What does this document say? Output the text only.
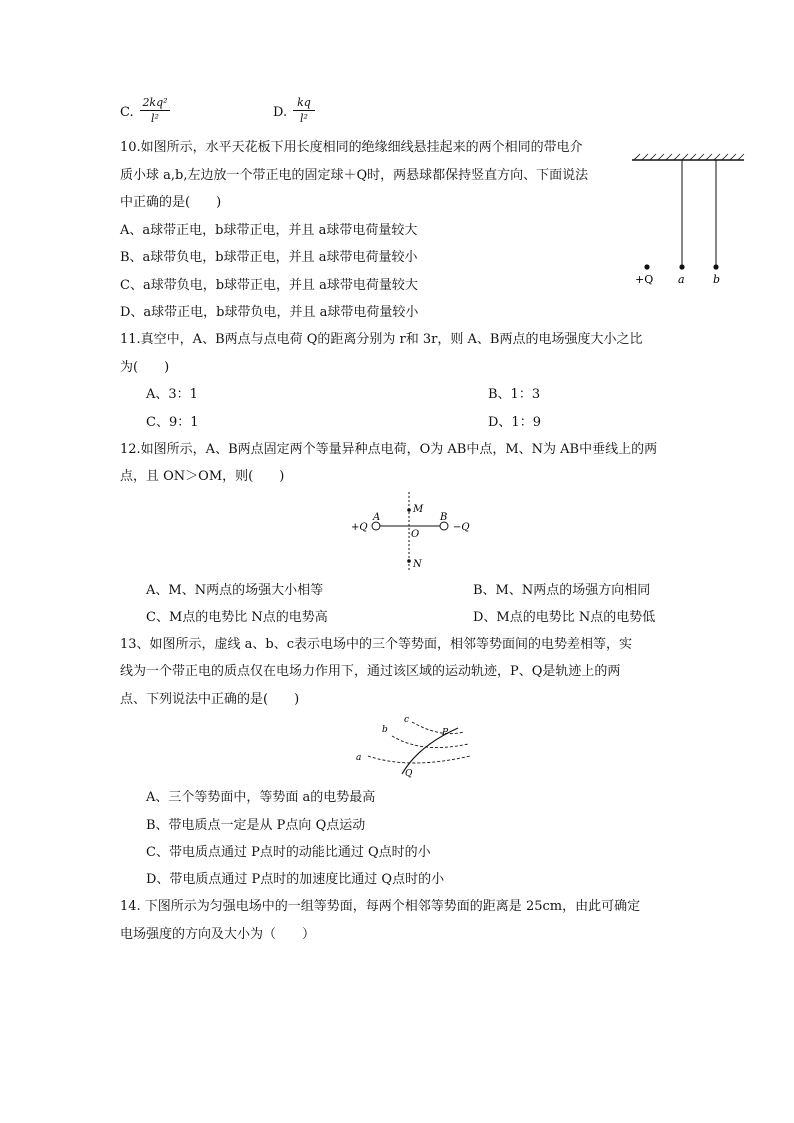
C.
2kq²
l²	D.
kq
l²
10.如图所示，水平天花板下用长度相同的绝缘细线悬挂起来的两个相同的带电介
质小球 a,b,左边放一个带正电的固定球＋Q时，两悬球都保持竖直方向、下面说法
中正确的是(　　)
A、a球带正电，b球带正电，并且 a球带电荷量较大
B、a球带负电，b球带正电，并且 a球带电荷量较小
C、a球带负电，b球带正电，并且 a球带电荷量较大
D、a球带正电，b球带负电，并且 a球带电荷量较小
+Q a	b
11.真空中，A、B两点与点电荷 Q的距离分别为 r和 3r，则 A、B两点的电场强度大小之比
为(　　)
A、3：1	B、1：3
C、9：1	D、1：9
12.如图所示，A、B两点固定两个等量异种点电荷，O为 AB中点，M、N为 AB中垂线上的两
点，且 ON＞OM，则(　　)
+Q	−Q
A	B
O
M
N
A、M、N两点的场强大小相等	B、M、N两点的场强方向相同
C、M点的电势比 N点的电势高	D、M点的电势比 N点的电势低
13、如图所示，虚线 a、b、c表示电场中的三个等势面，相邻等势面间的电势差相等，实
线为一个带正电的质点仅在电场力作用下，通过该区域的运动轨迹，P、Q是轨迹上的两
点、下列说法中正确的是(　　)
a
b
c
P
Q
A、三个等势面中，等势面 a的电势最高
B、带电质点一定是从 P点向 Q点运动
C、带电质点通过 P点时的动能比通过 Q点时的小
D、带电质点通过 P点时的加速度比通过 Q点时的小
14. 下图所示为匀强电场中的一组等势面，每两个相邻等势面的距离是 25cm，由此可确定
电场强度的方向及大小为（　　）
